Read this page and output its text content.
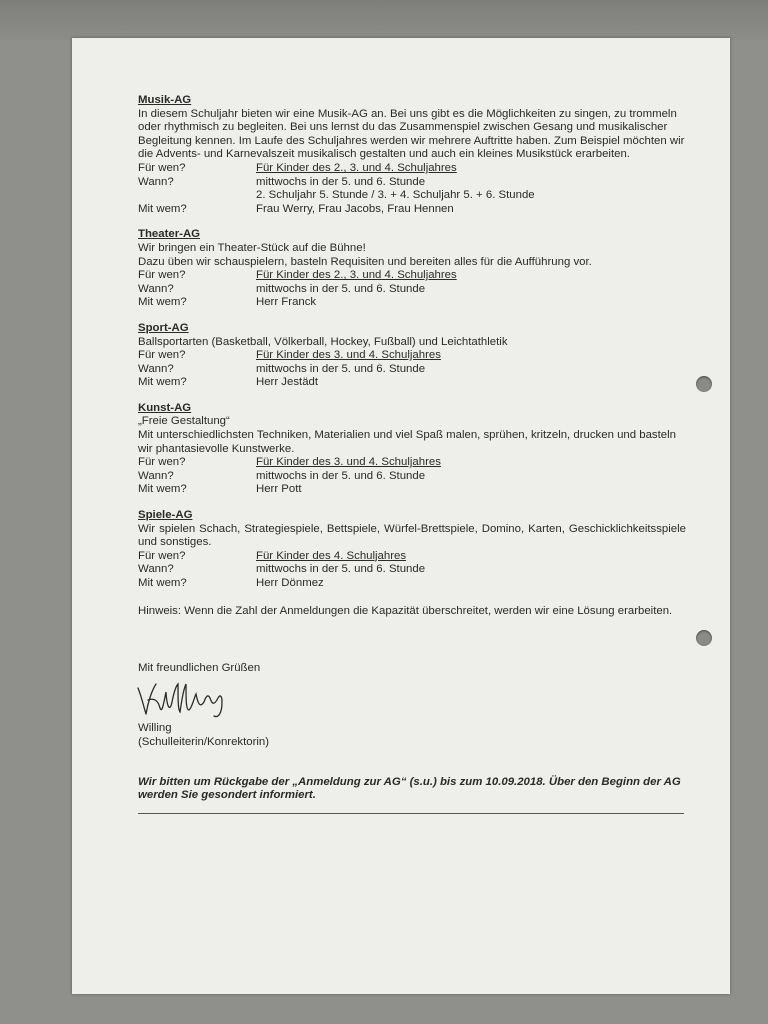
Musik-AG

In diesem Schuljahr bieten wir eine Musik-AG an. Bei uns gibt es die Möglichkeiten zu singen, zu trommeln oder rhythmisch zu begleiten. Bei uns lernst du das Zusammenspiel zwischen Gesang und musikalischer Begleitung kennen. Im Laufe des Schuljahres werden wir mehrere Auftritte haben. Zum Beispiel möchten wir die Advents- und Karnevalszeit musikalisch gestalten und auch ein kleines Musikstück erarbeiten.

Für wen?	Für Kinder des 2., 3. und 4. Schuljahres
Wann?	mittwochs in der 5. und 6. Stunde
2. Schuljahr 5. Stunde / 3. + 4. Schuljahr 5. + 6. Stunde
Mit wem?	Frau Werry, Frau Jacobs, Frau Hennen

Theater-AG

Wir bringen ein Theater-Stück auf die Bühne!

Dazu üben wir schauspielern, basteln Requisiten und bereiten alles für die Aufführung vor.

Für wen?	Für Kinder des 2., 3. und 4. Schuljahres
Wann?	mittwochs in der 5. und 6. Stunde
Mit wem?	Herr Franck

Sport-AG

Ballsportarten (Basketball, Völkerball, Hockey, Fußball) und Leichtathletik

Für wen?	Für Kinder des 3. und 4. Schuljahres
Wann?	mittwochs in der 5. und 6. Stunde
Mit wem?	Herr Jestädt

Kunst-AG

„Freie Gestaltung“

Mit unterschiedlichsten Techniken, Materialien und viel Spaß malen, sprühen, kritzeln, drucken und basteln wir phantasievolle Kunstwerke.

Für wen?	Für Kinder des 3. und 4. Schuljahres
Wann?	mittwochs in der 5. und 6. Stunde
Mit wem?	Herr Pott

Spiele-AG

Wir spielen Schach, Strategiespiele, Bettspiele, Würfel-Brettspiele, Domino, Karten, Geschicklichkeitsspiele und sonstiges.

Für wen?	Für Kinder des 4. Schuljahres
Wann?	mittwochs in der 5. und 6. Stunde
Mit wem?	Herr Dönmez

Hinweis: Wenn die Zahl der Anmeldungen die Kapazität überschreitet, werden wir eine Lösung erarbeiten.

Mit freundlichen Grüßen

Willing

(Schulleiterin/Konrektorin)

Wir bitten um Rückgabe der „Anmeldung zur AG“ (s.u.) bis zum 10.09.2018. Über den Beginn der AG werden Sie gesondert informiert.
